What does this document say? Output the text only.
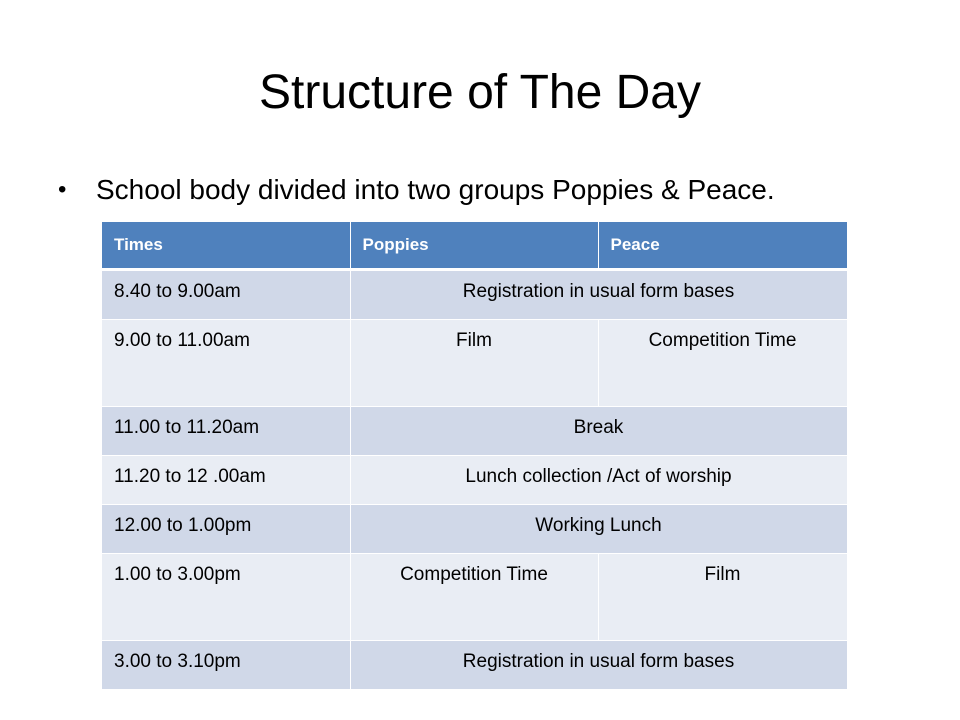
Structure of The Day
• School body divided into two groups Poppies & Peace.
Times	Poppies	Peace
8.40 to 9.00am	Registration in usual form bases	
9.00 to 11.00am	Film	Competition Time
11.00 to 11.20am	Break	
11.20 to 12 .00am	Lunch collection /Act of worship	
12.00 to 1.00pm	Working Lunch	
1.00 to 3.00pm	Competition Time	Film
3.00 to 3.10pm	Registration in usual form bases	
